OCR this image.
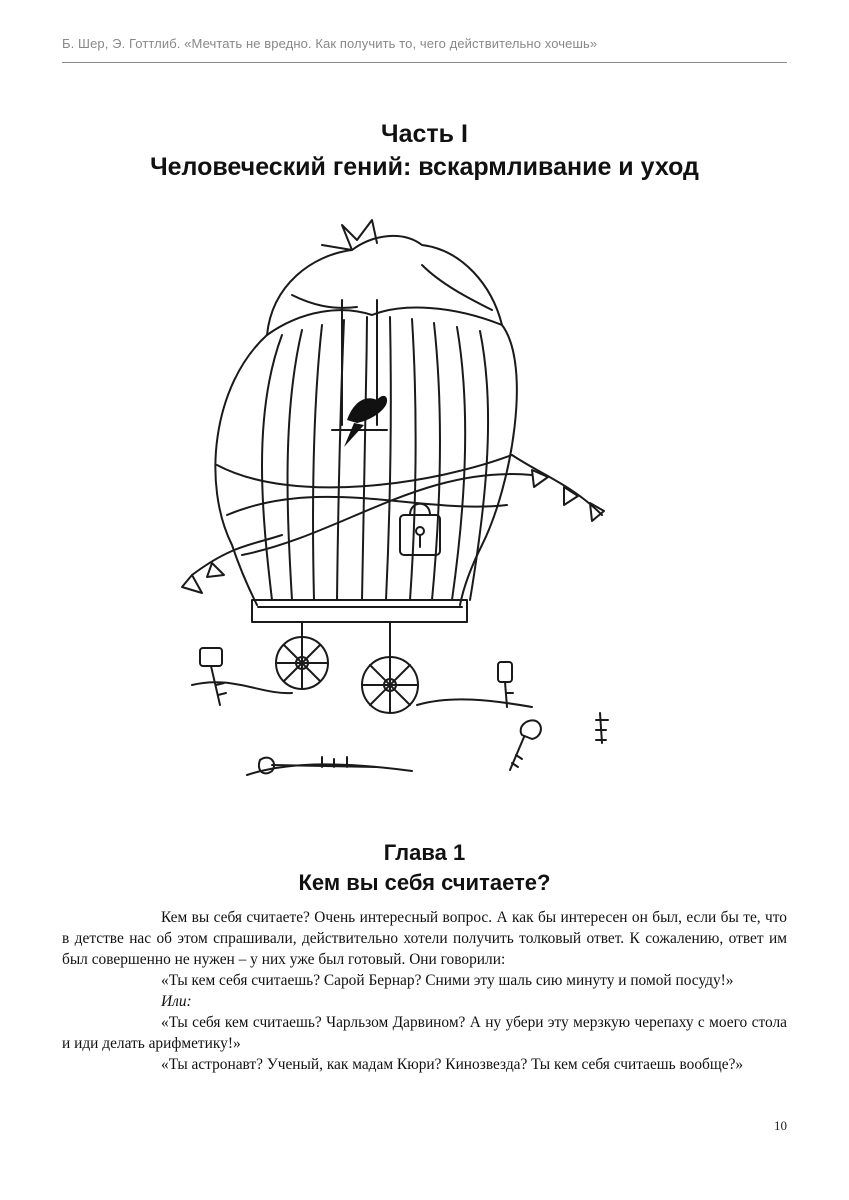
Б. Шер, Э. Готтлиб. «Мечтать не вредно. Как получить то, чего действительно хочешь»
Часть I
Человеческий гений: вскармливание и уход
Глава 1
Кем вы себя считаете?

Кем вы себя считаете? Очень интересный вопрос. А как бы интересен он был, если бы те, что в детстве нас об этом спрашивали, действительно хотели получить толковый ответ. К сожалению, ответ им был совершенно не нужен – у них уже был готовый. Они говорили:

«Ты кем себя считаешь? Сарой Бернар? Сними эту шаль сию минуту и помой посуду!»

Или:

«Ты себя кем считаешь? Чарльзом Дарвином? А ну убери эту мерзкую черепаху с моего стола и иди делать арифметику!»

«Ты астронавт? Ученый, как мадам Кюри? Кинозвезда? Ты кем себя считаешь вообще?»

10
